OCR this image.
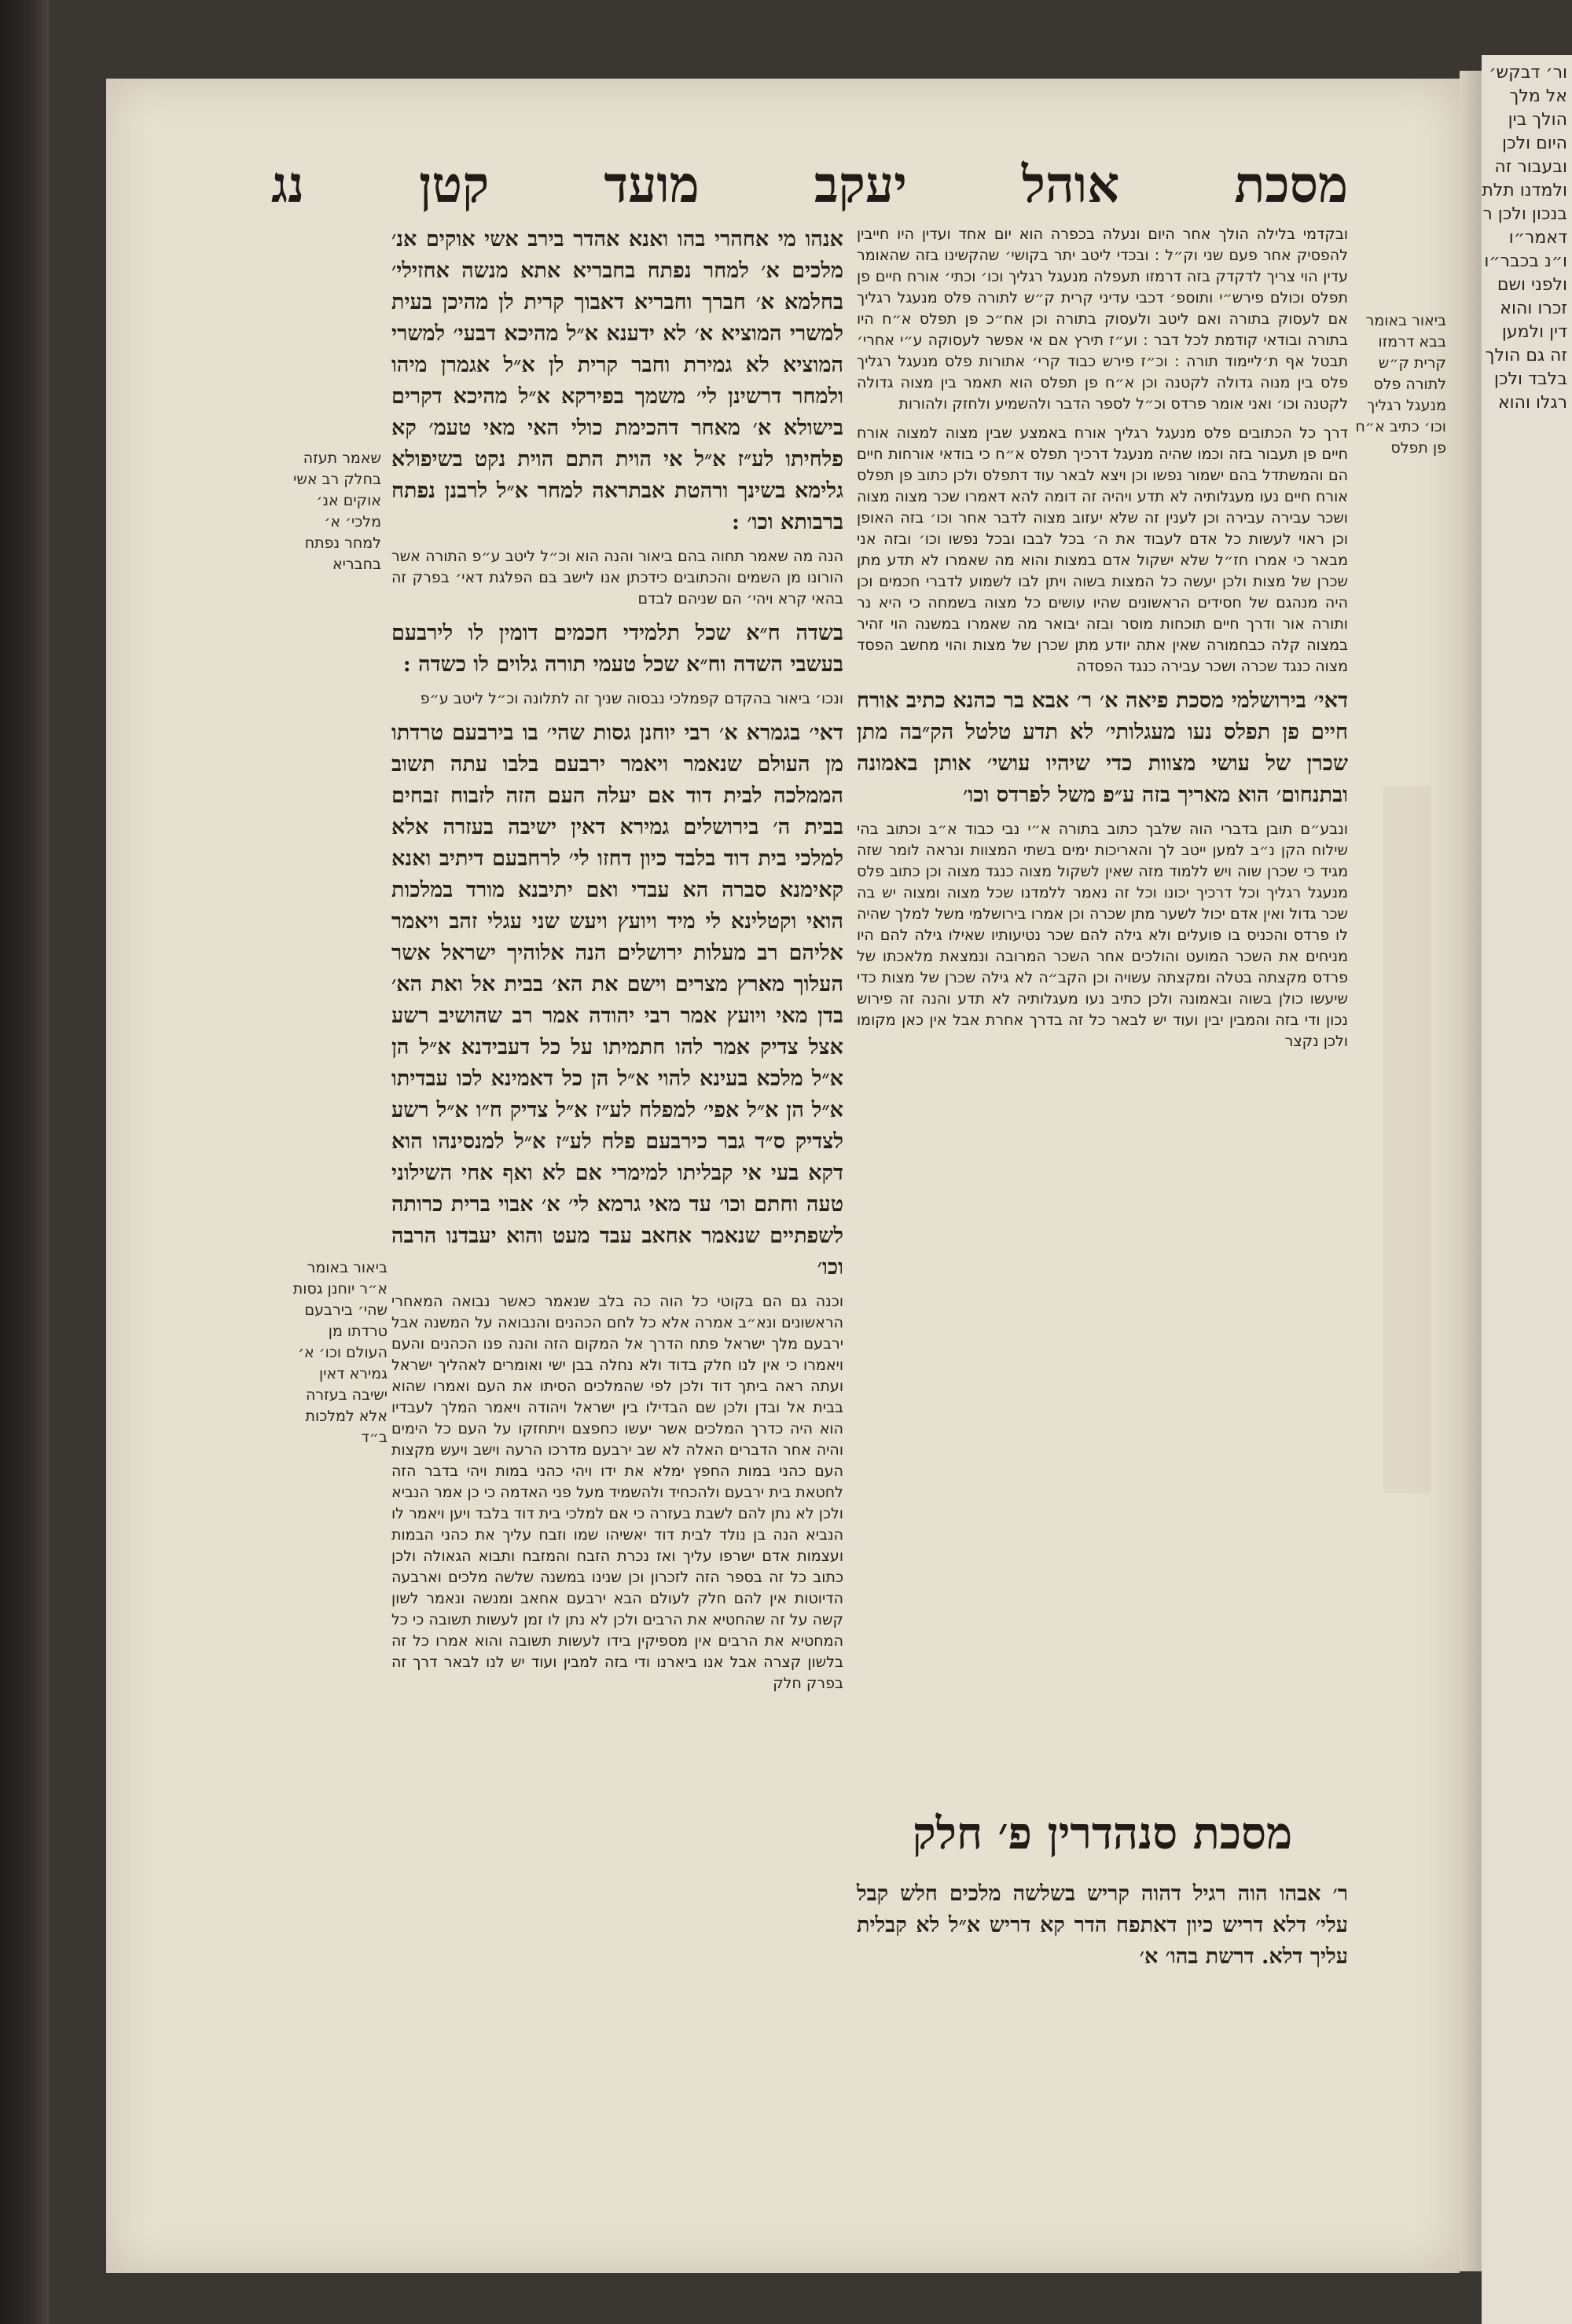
מסכת
אוהל
יעקב
מועד
קטן
נג

ובקדמי בלילה הולך אחר היום ונעלה בכפרה הוא יום אחד ועדין היו חייבין להפסיק אחר פעם שני וק״ל : ובכדי ליטב יתר בקושי׳ שהקשינו בזה שהאומר עדין הוי צריך לדקדק בזה דרמזו תעפלה מנעגל רגליך וכו׳ וכתי׳ אורח חיים פן תפלס וכולם פירש״י ותוספ׳ דכבי עדיני קרית ק״ש לתורה פלס מנעגל רגליך אם לעסוק בתורה ואם ליטב ולעסוק בתורה וכן אח״כ פן תפלס א״ח היו בתורה ובודאי קודמת לכל דבר : וע״ז תירץ אם אי אפשר לעסוקה ע״י אחרי׳ תבטל אף ת׳ליימוד תורה : וכ״ז פירש כבוד קרי׳ אתורות פלס מנעגל רגליך פלס בין מנוה גדולה לקטנה וכן א״ח פן תפלס הוא תאמר בין מצוה גדולה לקטנה וכו׳ ואני אומר פרדס וכ״ל לספר הדבר ולהשמיע ולחזק ולהורות

דרך כל הכתובים פלס מנעגל רגליך אורח באמצע שבין מצוה למצוה אורח חיים פן תעבור בזה וכמו שהיה מנעגל דרכיך תפלס א״ח כי בודאי אורחות חיים הם והמשתדל בהם ישמור נפשו וכן ויצא לבאר עוד דתפלס ולכן כתוב פן תפלס אורח חיים נעו מעגלותיה לא תדע ויהיה זה דומה להא דאמרו שכר מצוה מצוה ושכר עבירה עבירה וכן לענין זה שלא יעזוב מצוה לדבר אחר וכו׳ בזה האופן וכן ראוי לעשות כל אדם לעבוד את ה׳ בכל לבבו ובכל נפשו וכו׳ ובזה אני מבאר כי אמרו חז״ל שלא ישקול אדם במצות והוא מה שאמרו לא תדע מתן שכרן של מצות ולכן יעשה כל המצות בשוה ויתן לבו לשמוע לדברי חכמים וכן היה מנהגם של חסידים הראשונים שהיו עושים כל מצוה בשמחה כי היא נר ותורה אור ודרך חיים תוכחות מוסר ובזה יבואר מה שאמרו במשנה הוי זהיר במצוה קלה כבחמורה שאין אתה יודע מתן שכרן של מצות והוי מחשב הפסד מצוה כנגד שכרה ושכר עבירה כנגד הפסדה

דאי׳ בירושלמי מסכת פיאה א׳ ר׳ אבא בר כהנא כתיב אורח חיים פן תפלס נעו מעגלותי׳ לא תדע טלטל הק״בה מתן שכרן של עושי מצוות כדי שיהיו עושי׳ אותן באמונה ובתנחום׳ הוא מאריך בזה ע״פ משל לפרדס וכו׳

ונבע״ם תובן בדברי הוה שלבך כתוב בתורה א״י נבי כבוד א״ב וכתוב בהי שילוח הקן נ״ב למען ייטב לך והאריכות ימים בשתי המצוות ונראה לומר שזה מגיד כי שכרן שוה ויש ללמוד מזה שאין לשקול מצוה כנגד מצוה וכן כתוב פלס מנעגל רגליך וכל דרכיך יכונו וכל זה נאמר ללמדנו שכל מצוה ומצוה יש בה שכר גדול ואין אדם יכול לשער מתן שכרה וכן אמרו בירושלמי משל למלך שהיה לו פרדס והכניס בו פועלים ולא גילה להם שכר נטיעותיו שאילו גילה להם היו מניחים את השכר המועט והולכים אחר השכר המרובה ונמצאת מלאכתו של פרדס מקצתה בטלה ומקצתה עשויה וכן הקב״ה לא גילה שכרן של מצות כדי שיעשו כולן בשוה ובאמונה ולכן כתיב נעו מעגלותיה לא תדע והנה זה פירוש נכון ודי בזה והמבין יבין ועוד יש לבאר כל זה בדרך אחרת אבל אין כאן מקומו ולכן נקצר

אנהו מי אחהרי בהו ואנא אהדר בירב אשי אוקים אנ׳ מלכים א׳ למחר נפתח בחבריא אתא מנשה אחזילי׳ בחלמא א׳ חברך וחבריא דאבוך קרית לן מהיכן בעית למשרי המוציא א׳ לא ידענא א״ל מהיכא דבעי׳ למשרי המוציא לא גמירת וחבר קרית לן א״ל אגמרן מיהו ולמחר דרשינן לי׳ משמך בפירקא א״ל מהיכא דקרים בישולא א׳ מאחר דהכימת כולי האי מאי טעמ׳ קא פלחיתו לע״ז א״ל אי הוית התם הוית נקט בשיפולא גלימא בשינך ורהטת אבתראה למחר א״ל לרבנן נפתח ברבותא וכו׳ :

הנה מה שאמר תחוה בהם ביאור והנה הוא וכ״ל ליטב ע״פ התורה אשר הורונו מן השמים והכתובים כידכתן אנו לישב בם הפלגת דאי׳ בפרק זה בהאי קרא ויהי׳ הם שניהם לבדם

בשדה ח״א שכל תלמידי חכמים דומין לו לירבעם בעשבי השדה וח״א שכל טעמי תורה גלוים לו כשדה :

ונכו׳ ביאור בהקדם קפמלכי נבסוה שניך זה לתלונה וכ״ל ליטב ע״פ

דאי׳ בגמרא א׳ רבי יוחנן גסות שהי׳ בו בירבעם טרדתו מן העולם שנאמר ויאמר ירבעם בלבו עתה תשוב הממלכה לבית דוד אם יעלה העם הזה לזבוח זבחים בבית ה׳ בירושלים גמירא דאין ישיבה בעזרה אלא למלכי בית דוד בלבד כיון דחזו לי׳ לרחבעם דיתיב ואנא קאימנא סברה הא עבדי ואם יתיבנא מורד במלכות הואי וקטלינא לי מיד ויועץ ויעש שני עגלי זהב ויאמר אליהם רב מעלות ירושלים הנה אלוהיך ישראל אשר העלוך מארץ מצרים וישם את הא׳ בבית אל ואת הא׳ בדן מאי ויועץ אמר רבי יהודה אמר רב שהושיב רשע אצל צדיק אמר להו חתמיתו על כל דעבידנא א״ל הן א״ל מלכא בעינא להוי א״ל הן כל דאמינא לכו עבדיתו א״ל הן א״ל אפי׳ למפלח לע״ז א״ל צדיק ח״ו א״ל רשע לצדיק ס״ד גבר כירבעם פלח לע״ז א״ל למנסינהו הוא דקא בעי אי קבליתו למימרי אם לא ואף אחי השילוני טעה וחתם וכו׳ עד מאי גרמא לי׳ א׳ אבוי ברית כרותה לשפתיים שנאמר אחאב עבד מעט והוא יעבדנו הרבה וכו׳

וכנה גם הם בקוטי כל הוה כה בלב שנאמר כאשר נבואה המאחרי הראשונים ונא״ב אמרה אלא כל לחם הכהנים והנבואה על המשנה אבל ירבעם מלך ישראל פתח הדרך אל המקום הזה והנה פנו הכהנים והעם ויאמרו כי אין לנו חלק בדוד ולא נחלה בבן ישי ואומרים לאהליך ישראל ועתה ראה ביתך דוד ולכן לפי שהמלכים הסיתו את העם ואמרו שהוא בבית אל ובדן ולכן שם הבדילו בין ישראל ויהודה ויאמר המלך לעבדיו הוא היה כדרך המלכים אשר יעשו כחפצם ויתחזקו על העם כל הימים והיה אחר הדברים האלה לא שב ירבעם מדרכו הרעה וישב ויעש מקצות העם כהני במות החפץ ימלא את ידו ויהי כהני במות ויהי בדבר הזה לחטאת בית ירבעם ולהכחיד ולהשמיד מעל פני האדמה כי כן אמר הנביא ולכן לא נתן להם לשבת בעזרה כי אם למלכי בית דוד בלבד ויען ויאמר לו הנביא הנה בן נולד לבית דוד יאשיהו שמו וזבח עליך את כהני הבמות ועצמות אדם ישרפו עליך ואז נכרת הזבח והמזבח ותבוא הגאולה ולכן כתוב כל זה בספר הזה לזכרון וכן שנינו במשנה שלשה מלכים וארבעה הדיוטות אין להם חלק לעולם הבא ירבעם אחאב ומנשה ונאמר לשון קשה על זה שהחטיא את הרבים ולכן לא נתן לו זמן לעשות תשובה כי כל המחטיא את הרבים אין מספיקין בידו לעשות תשובה והוא אמרו כל זה בלשון קצרה אבל אנו ביארנו ודי בזה למבין ועוד יש לנו לבאר דרך זה בפרק חלק

שאמר תעזה בחלק רב אשי אוקים אנ׳ מלכי׳ א׳ למחר נפתח בחבריא
ביאור באומר א״ר יוחנן גסות שהי׳ בירבעם טרדתו מן העולם וכו׳ א׳ גמירא דאין ישיבה בעזרה אלא למלכות ב״ד
ביאור באומר בבא דרמזו קרית ק״ש לתורה פלס מנעגל רגליך וכו׳ כתיב א״ח פן תפלס
מסכת סנהדרין פ׳ חלק
ר׳ אבהו הוה רגיל דהוה קריש בשלשה מלכים חלש קבל עלי׳ דלא דריש כיון דאתפח הדר קא דריש א״ל לא קבלית עליך דלא. דרשת בהו׳ א׳

ור׳ דבקש׳ אל מלך הולך בין היום ולכן ובעבור זה ולמדנו תלת בנכון ולכן ר דאמר״ו ו״נ בכבר״ו ולפני ושם זכרו והוא דין ולמען זה גם הולך בלבד ולכן רגלו והוא
